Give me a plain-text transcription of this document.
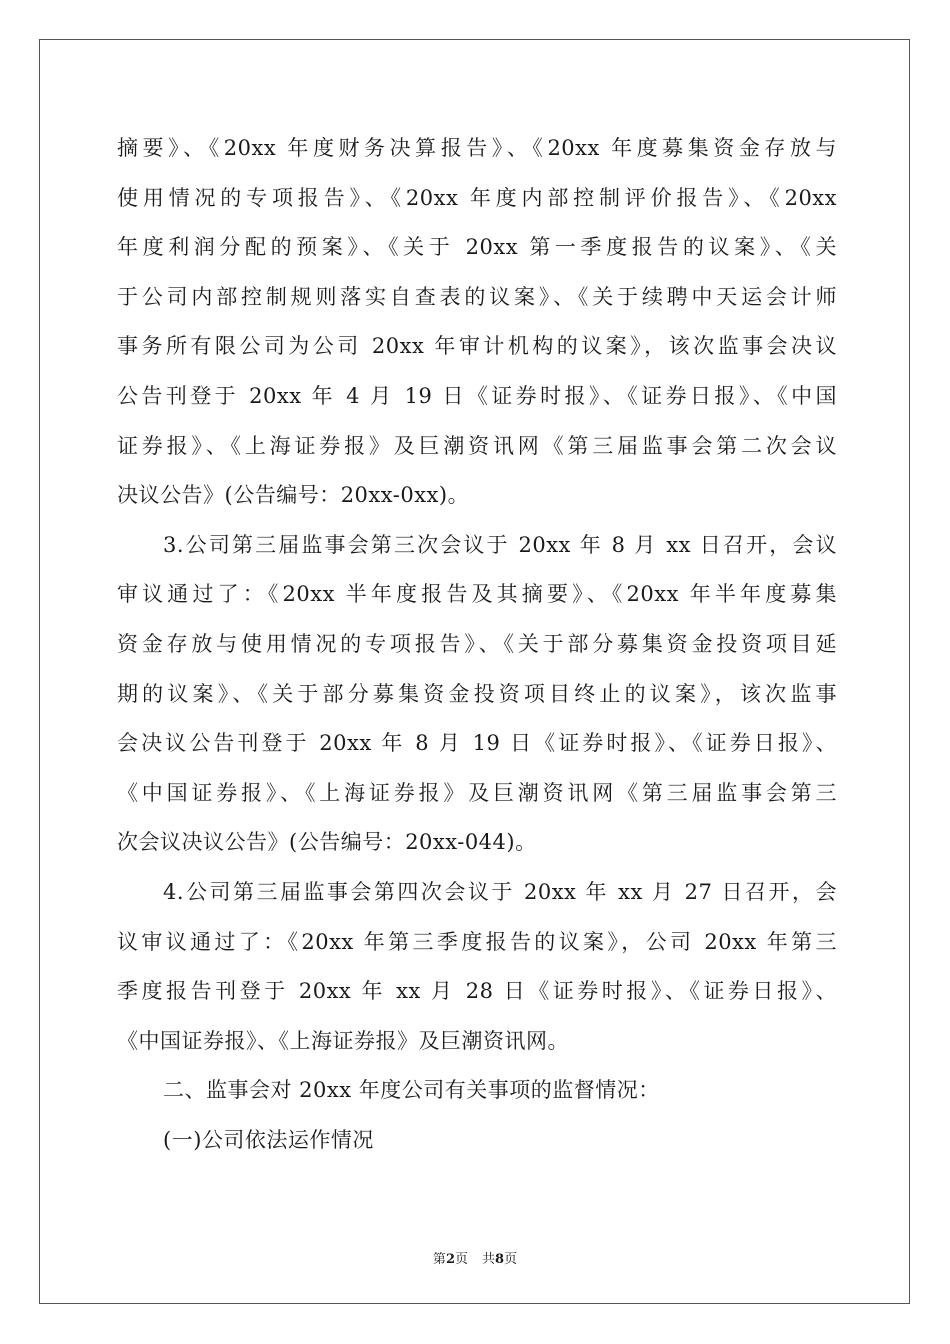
摘要》、《20xx 年度财务决算报告》、《20xx 年度募集资金存放与
使用情况的专项报告》、《20xx 年度内部控制评价报告》、《20xx
年度利润分配的预案》、《关于 20xx 第一季度报告的议案》、《关
于公司内部控制规则落实自查表的议案》、《关于续聘中天运会计师
事务所有限公司为公司 20xx 年审计机构的议案》，该次监事会决议
公告刊登于 20xx 年 4 月 19 日《证券时报》、《证券日报》、《中国
证券报》、《上海证券报》及巨潮资讯网《第三届监事会第二次会议
决议公告》(公告编号：20xx-0xx)。
3.公司第三届监事会第三次会议于 20xx 年 8 月 xx 日召开，会议
审议通过了：《20xx 半年度报告及其摘要》、《20xx 年半年度募集
资金存放与使用情况的专项报告》、《关于部分募集资金投资项目延
期的议案》、《关于部分募集资金投资项目终止的议案》，该次监事
会决议公告刊登于 20xx 年 8 月 19 日《证券时报》、《证券日报》、
《中国证券报》、《上海证券报》及巨潮资讯网《第三届监事会第三
次会议决议公告》(公告编号：20xx-044)。
4.公司第三届监事会第四次会议于 20xx 年 xx 月 27 日召开，会
议审议通过了：《20xx 年第三季度报告的议案》，公司 20xx 年第三
季度报告刊登于 20xx 年 xx 月 28 日《证券时报》、《证券日报》、
《中国证券报》、《上海证券报》及巨潮资讯网。
二、监事会对 20xx 年度公司有关事项的监督情况：
(一)公司依法运作情况
第2页 共8页
